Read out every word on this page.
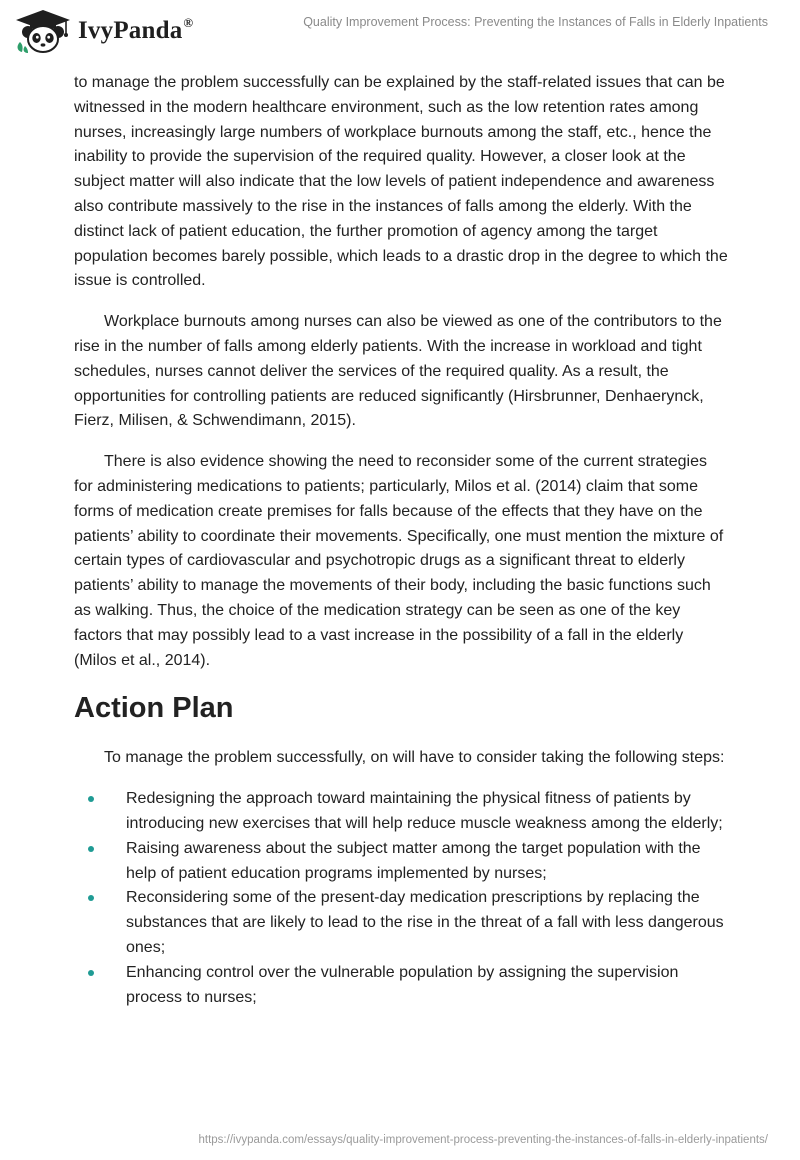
IvyPanda®	Quality Improvement Process: Preventing the Instances of Falls in Elderly Inpatients

to manage the problem successfully can be explained by the staff-related issues that can be witnessed in the modern healthcare environment, such as the low retention rates among nurses, increasingly large numbers of workplace burnouts among the staff, etc., hence the inability to provide the supervision of the required quality. However, a closer look at the subject matter will also indicate that the low levels of patient independence and awareness also contribute massively to the rise in the instances of falls among the elderly. With the distinct lack of patient education, the further promotion of agency among the target population becomes barely possible, which leads to a drastic drop in the degree to which the issue is controlled.

Workplace burnouts among nurses can also be viewed as one of the contributors to the rise in the number of falls among elderly patients. With the increase in workload and tight schedules, nurses cannot deliver the services of the required quality. As a result, the opportunities for controlling patients are reduced significantly (Hirsbrunner, Denhaerynck, Fierz, Milisen, & Schwendimann, 2015).

There is also evidence showing the need to reconsider some of the current strategies for administering medications to patients; particularly, Milos et al. (2014) claim that some forms of medication create premises for falls because of the effects that they have on the patients’ ability to coordinate their movements. Specifically, one must mention the mixture of certain types of cardiovascular and psychotropic drugs as a significant threat to elderly patients’ ability to manage the movements of their body, including the basic functions such as walking. Thus, the choice of the medication strategy can be seen as one of the key factors that may possibly lead to a vast increase in the possibility of a fall in the elderly (Milos et al., 2014).

Action Plan

To manage the problem successfully, on will have to consider taking the following steps:

Redesigning the approach toward maintaining the physical fitness of patients by introducing new exercises that will help reduce muscle weakness among the elderly;
Raising awareness about the subject matter among the target population with the help of patient education programs implemented by nurses;
Reconsidering some of the present-day medication prescriptions by replacing the substances that are likely to lead to the rise in the threat of a fall with less dangerous ones;
Enhancing control over the vulnerable population by assigning the supervision process to nurses;
https://ivypanda.com/essays/quality-improvement-process-preventing-the-instances-of-falls-in-elderly-inpatients/
